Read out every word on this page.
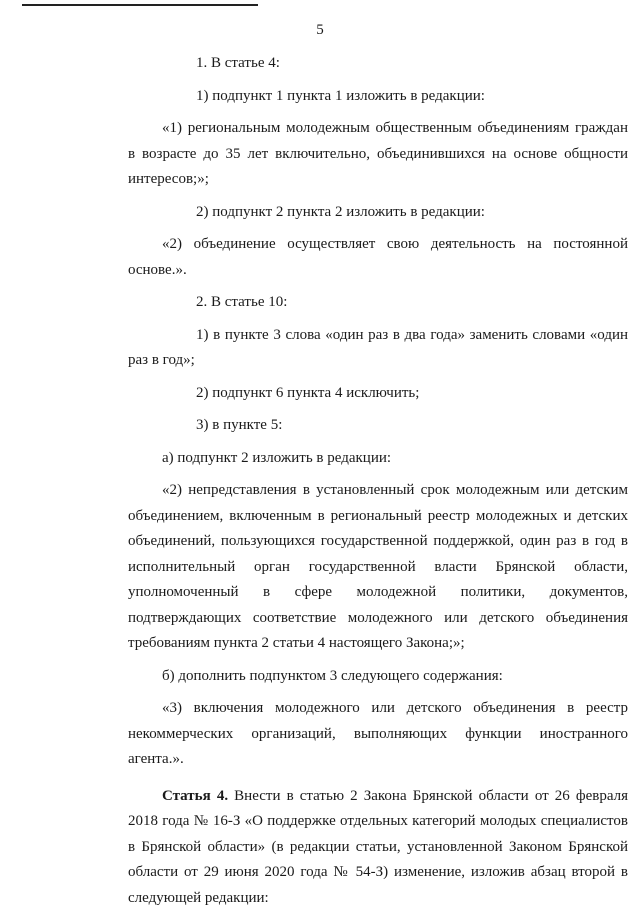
5

1. В статье 4:

1) подпункт 1 пункта 1 изложить в редакции:

«1) региональным молодежным общественным объединениям граждан в возрасте до 35 лет включительно, объединившихся на основе общности интересов;»;

2) подпункт 2 пункта 2 изложить в редакции:

«2) объединение осуществляет свою деятельность на постоянной основе.».

2. В статье 10:

1) в пункте 3 слова «один раз в два года» заменить словами «один раз в год»;

2) подпункт 6 пункта 4 исключить;

3) в пункте 5:

а) подпункт 2 изложить в редакции:

«2) непредставления в установленный срок молодежным или детским объединением, включенным в региональный реестр молодежных и детских объединений, пользующихся государственной поддержкой, один раз в год в исполнительный орган государственной власти Брянской области, уполномоченный в сфере молодежной политики, документов, подтверждающих соответствие молодежного или детского объединения требованиям пункта 2 статьи 4 настоящего Закона;»;

б) дополнить подпунктом 3 следующего содержания:

«3) включения молодежного или детского объединения в реестр некоммерческих организаций, выполняющих функции иностранного агента.».

Статья 4. Внести в статью 2 Закона Брянской области от 26 февраля 2018 года № 16-З «О поддержке отдельных категорий молодых специалистов в Брянской области» (в редакции статьи, установленной Законом Брянской области от 29 июня 2020 года № 54-З) изменение, изложив абзац второй в следующей редакции:
